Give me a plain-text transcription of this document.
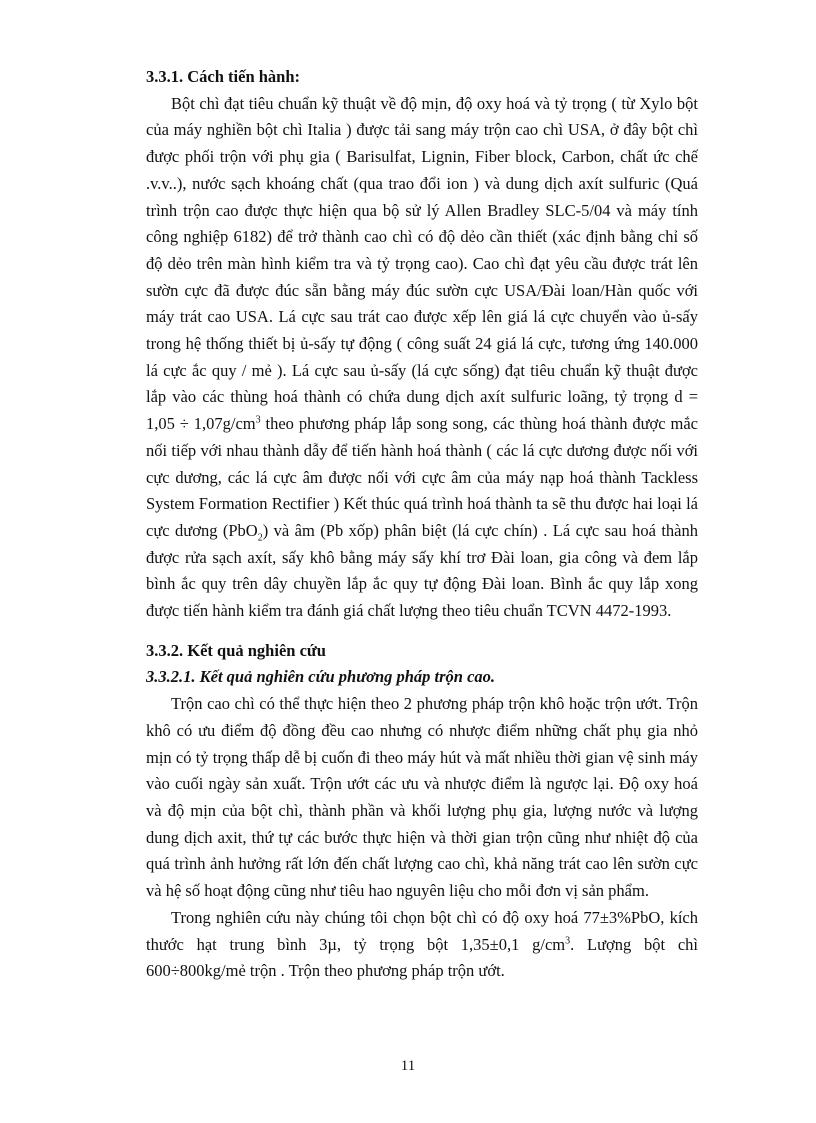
3.3.1. Cách tiến hành:

Bột chì đạt tiêu chuẩn kỹ thuật về độ mịn, độ oxy hoá và tỷ trọng ( từ Xylo bột của máy nghiền bột chì Italia ) được tải sang máy trộn cao chì USA, ở đây bột chì được phối trộn với phụ gia ( Barisulfat, Lignin, Fiber block, Carbon, chất ức chế .v.v..), nước sạch khoáng chất (qua trao đổi ion ) và dung dịch axít sulfuric (Quá trình trộn cao được thực hiện qua bộ sử lý Allen Bradley SLC-5/04 và máy tính công nghiệp 6182) để trở thành cao chì có độ dẻo cần thiết (xác định bằng chỉ số độ dẻo trên màn hình kiểm tra và tỷ trọng cao). Cao chì đạt yêu cầu được trát lên sườn cực đã được đúc sẵn bằng máy đúc sườn cực USA/Đài loan/Hàn quốc với máy trát cao USA. Lá cực sau trát cao được xếp lên giá lá cực chuyển vào ủ-sấy trong hệ thống thiết bị ủ-sấy tự động ( công suất 24 giá lá cực, tương ứng 140.000 lá cực ắc quy / mẻ ). Lá cực sau ủ-sấy (lá cực sống) đạt tiêu chuẩn kỹ thuật được lắp vào các thùng hoá thành có chứa dung dịch axít sulfuric loãng, tỷ trọng $d = 1,05 \div 1,07g/cm^3$ theo phương pháp lắp song song, các thùng hoá thành được mắc nối tiếp với nhau thành dẫy để tiến hành hoá thành ( các lá cực dương được nối với cực dương, các lá cực âm được nối với cực âm của máy nạp hoá thành Tackless System Formation Rectifier ) Kết thúc quá trình hoá thành ta sẽ thu được hai loại lá cực dương (PbO$_2$) và âm (Pb xốp) phân biệt (lá cực chín) . Lá cực sau hoá thành được rửa sạch axít, sấy khô bằng máy sấy khí trơ Đài loan, gia công và đem lắp bình ắc quy trên dây chuyền lắp ắc quy tự động Đài loan. Bình ắc quy lắp xong được tiến hành kiểm tra đánh giá chất lượng theo tiêu chuẩn TCVN 4472-1993.

3.3.2. Kết quả nghiên cứu
3.3.2.1. Kết quả nghiên cứu phương pháp trộn cao.

Trộn cao chì có thể thực hiện theo 2 phương pháp trộn khô hoặc trộn ướt. Trộn khô có ưu điểm độ đồng đều cao nhưng có nhược điểm những chất phụ gia nhỏ mịn có tỷ trọng thấp dễ bị cuốn đi theo máy hút và mất nhiều thời gian vệ sinh máy vào cuối ngày sản xuất. Trộn ướt các ưu và nhược điểm là ngược lại. Độ oxy hoá và độ mịn của bột chì, thành phần và khối lượng phụ gia, lượng nước và lượng dung dịch axit, thứ tự các bước thực hiện và thời gian trộn cũng như nhiệt độ của quá trình ảnh hưởng rất lớn đến chất lượng cao chì, khả năng trát cao lên sườn cực và hệ số hoạt động cũng như tiêu hao nguyên liệu cho mỗi đơn vị sản phẩm.

Trong nghiên cứu này chúng tôi chọn bột chì có độ oxy hoá 77±3%PbO, kích thước hạt trung bình 3µ, tỷ trọng bột 1,35±0,1 $g/cm^3$. Lượng bột chì 600÷800kg/mẻ trộn . Trộn theo phương pháp trộn ướt.

11
